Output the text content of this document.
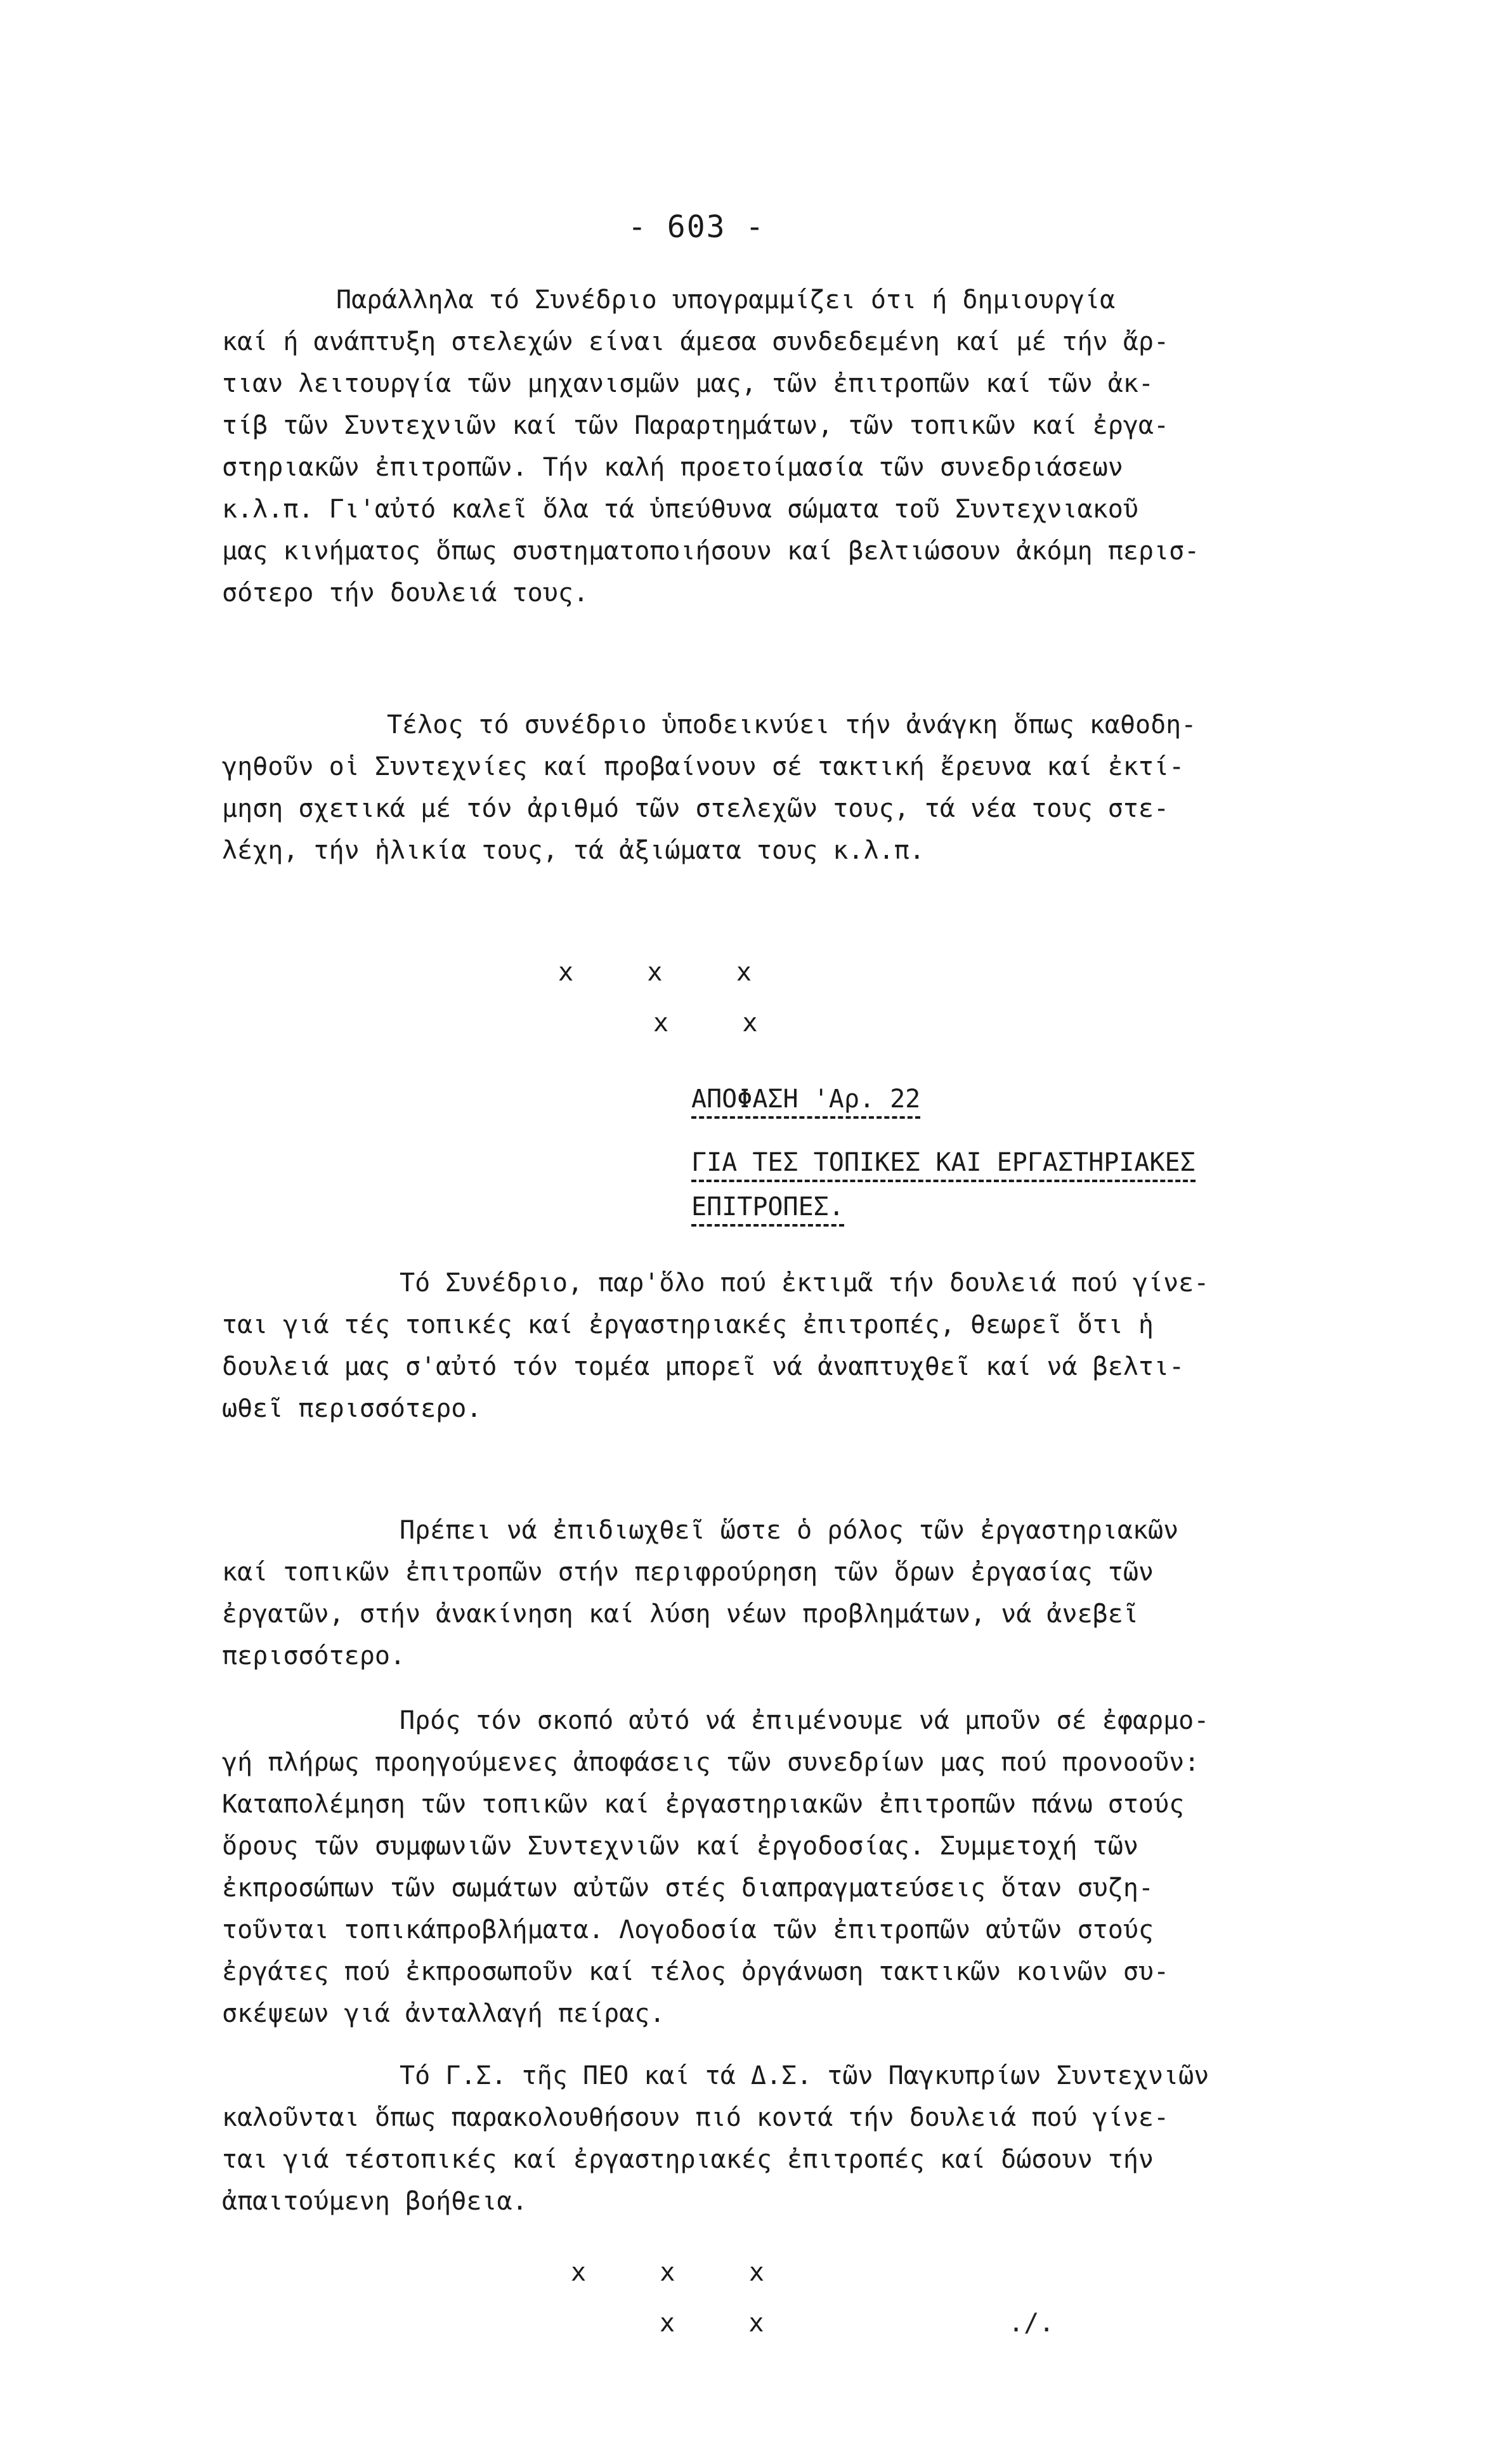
- 603 -

Παράλληλα τό Συνέδριο υπογραμμίζει ότι ή δημιουργία
καί ή ανάπτυξη στελεχών είναι άμεσα συνδεδεμένη καί μέ τήν ἄρ-
τιαν λειτουργία τῶν μηχανισμῶν μας, τῶν ἐπιτροπῶν καί τῶν ἀκ-
τίβ τῶν Συντεχνιῶν καί τῶν Παραρτημάτων, τῶν τοπικῶν καί ἐργα-
στηριακῶν ἐπιτροπῶν. Τήν καλή προετοίμασία τῶν συνεδριάσεων
κ.λ.π. Γι'αὐτό καλεῖ ὅλα τά ὑπεύθυνα σώματα τοῦ Συντεχνιακοῦ
μας κινήματος ὅπως συστηματοποιήσουν καί βελτιώσουν ἀκόμη περισ-
σότερο τήν δουλειά τους.

Τέλος τό συνέδριο ὑποδεικνύει τήν ἀνάγκη ὅπως καθοδη-
γηθοῦν οἱ Συντεχνίες καί προβαίνουν σέ τακτική ἔρευνα καί ἐκτί-
μηση σχετικά μέ τόν ἀριθμό τῶν στελεχῶν τους, τά νέα τους στε-
λέχη, τήν ἡλικία τους, τά ἀξιώματα τους κ.λ.π.

x    x    x
x    x
ΑΠΟΦΑΣΗ 'Αρ. 22
ΓΙΑ ΤΕΣ ΤΟΠΙΚΕΣ ΚΑΙ ΕΡΓΑΣΤΗΡΙΑΚΕΣ
ΕΠΙΤΡΟΠΕΣ.

Τό Συνέδριο, παρ'ὅλο πού ἐκτιμᾶ τήν δουλειά πού γίνε-
ται γιά τές τοπικές καί ἐργαστηριακές ἐπιτροπές, θεωρεῖ ὅτι ἡ
δουλειά μας σ'αὐτό τόν τομέα μπορεῖ νά ἀναπτυχθεῖ καί νά βελτι-
ωθεῖ περισσότερο.

Πρέπει νά ἐπιδιωχθεῖ ὥστε ὁ ρόλος τῶν ἐργαστηριακῶν
καί τοπικῶν ἐπιτροπῶν στήν περιφρούρηση τῶν ὅρων ἐργασίας τῶν
ἐργατῶν, στήν ἀνακίνηση καί λύση νέων προβλημάτων, νά ἀνεβεῖ
περισσότερο.

Πρός τόν σκοπό αὐτό νά ἐπιμένουμε νά μποῦν σέ ἐφαρμο-
γή πλήρως προηγούμενες ἀποφάσεις τῶν συνεδρίων μας πού προνοοῦν:
Καταπολέμηση τῶν τοπικῶν καί ἐργαστηριακῶν ἐπιτροπῶν πάνω στούς
ὅρους τῶν συμφωνιῶν Συντεχνιῶν καί ἐργοδοσίας. Συμμετοχή τῶν
ἐκπροσώπων τῶν σωμάτων αὐτῶν στές διαπραγματεύσεις ὅταν συζη-
τοῦνται τοπικάπροβλήματα. Λογοδοσία τῶν ἐπιτροπῶν αὐτῶν στούς
ἐργάτες πού ἐκπροσωποῦν καί τέλος ὀργάνωση τακτικῶν κοινῶν συ-
σκέψεων γιά ἀνταλλαγή πείρας.

Τό Γ.Σ. τῆς ΠΕΟ καί τά Δ.Σ. τῶν Παγκυπρίων Συντεχνιῶν
καλοῦνται ὅπως παρακολουθήσουν πιό κοντά τήν δουλειά πού γίνε-
ται γιά τέστοπικές καί ἐργαστηριακές ἐπιτροπές καί δώσουν τήν
ἀπαιτούμενη βοήθεια.

x    x    x
x    x	./.
